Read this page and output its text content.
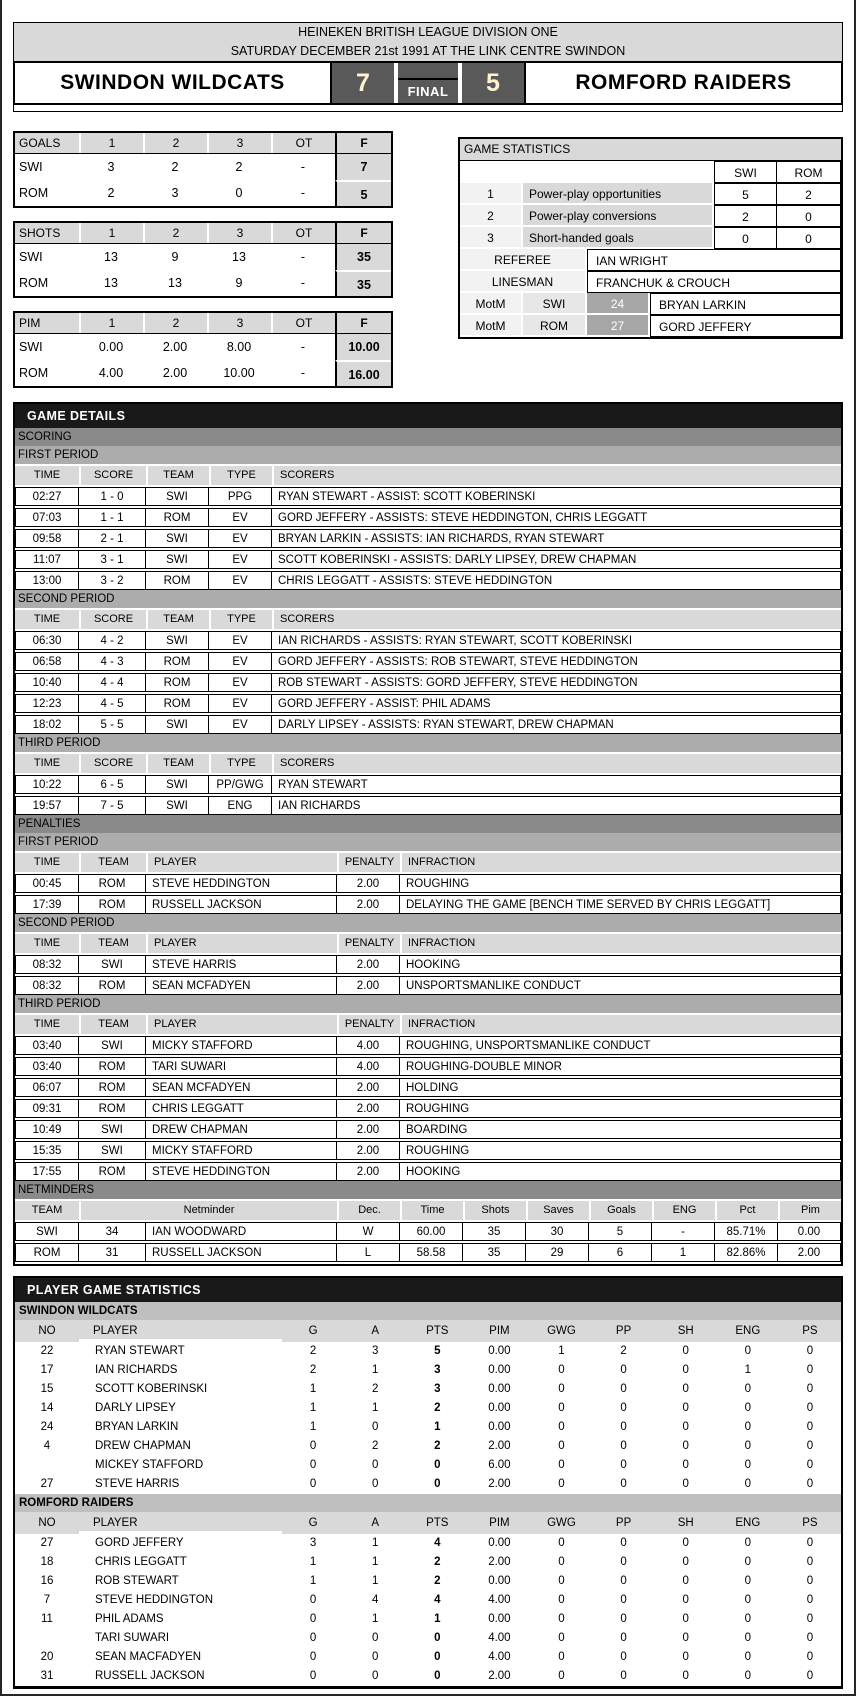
HEINEKEN BRITISH LEAGUE DIVISION ONE
SATURDAY DECEMBER 21st 1991 AT THE LINK CENTRE SWINDON
SWINDON WILDCATS	7	FINAL	5	ROMFORD RAIDERS
GOALS	1	2	3	OT	F
SWI	3	2	2	-	7
ROM	2	3	0	-	5
SHOTS	1	2	3	OT	F
SWI	13	9	13	-	35
ROM	13	13	9	-	35
PIM	1	2	3	OT	F
SWI	0.00	2.00	8.00	-	10.00
ROM	4.00	2.00	10.00	-	16.00
GAME STATISTICS
SWI	ROM
1	Power-play opportunities	5	2
2	Power-play conversions	2	0
3	Short-handed goals	0	0
REFEREE	IAN WRIGHT
LINESMAN	FRANCHUK & CROUCH
MotM	SWI	24	BRYAN LARKIN
MotM	ROM	27	GORD JEFFERY
GAME DETAILS
SCORING
FIRST PERIOD
TIME	SCORE	TEAM	TYPE	SCORERS
02:27	1 - 0	SWI	PPG	RYAN STEWART - ASSIST: SCOTT KOBERINSKI
07:03	1 - 1	ROM	EV	GORD JEFFERY - ASSISTS: STEVE HEDDINGTON, CHRIS LEGGATT
09:58	2 - 1	SWI	EV	BRYAN LARKIN - ASSISTS: IAN RICHARDS, RYAN STEWART
11:07	3 - 1	SWI	EV	SCOTT KOBERINSKI - ASSISTS: DARLY LIPSEY, DREW CHAPMAN
13:00	3 - 2	ROM	EV	CHRIS LEGGATT - ASSISTS: STEVE HEDDINGTON
SECOND PERIOD
TIME	SCORE	TEAM	TYPE	SCORERS
06:30	4 - 2	SWI	EV	IAN RICHARDS - ASSISTS: RYAN STEWART, SCOTT KOBERINSKI
06:58	4 - 3	ROM	EV	GORD JEFFERY - ASSISTS: ROB STEWART, STEVE HEDDINGTON
10:40	4 - 4	ROM	EV	ROB STEWART - ASSISTS: GORD JEFFERY, STEVE HEDDINGTON
12:23	4 - 5	ROM	EV	GORD JEFFERY - ASSIST: PHIL ADAMS
18:02	5 - 5	SWI	EV	DARLY LIPSEY - ASSISTS: RYAN STEWART, DREW CHAPMAN
THIRD PERIOD
TIME	SCORE	TEAM	TYPE	SCORERS
10:22	6 - 5	SWI	PP/GWG	RYAN STEWART
19:57	7 - 5	SWI	ENG	IAN RICHARDS
PENALTIES
FIRST PERIOD
TIME	TEAM	PLAYER	PENALTY	INFRACTION
00:45	ROM	STEVE HEDDINGTON	2.00	ROUGHING
17:39	ROM	RUSSELL JACKSON	2.00	DELAYING THE GAME [BENCH TIME SERVED BY CHRIS LEGGATT]
SECOND PERIOD
TIME	TEAM	PLAYER	PENALTY	INFRACTION
08:32	SWI	STEVE HARRIS	2.00	HOOKING
08:32	ROM	SEAN MCFADYEN	2.00	UNSPORTSMANLIKE CONDUCT
THIRD PERIOD
TIME	TEAM	PLAYER	PENALTY	INFRACTION
03:40	SWI	MICKY STAFFORD	4.00	ROUGHING, UNSPORTSMANLIKE CONDUCT
03:40	ROM	TARI SUWARI	4.00	ROUGHING-DOUBLE MINOR
06:07	ROM	SEAN MCFADYEN	2.00	HOLDING
09:31	ROM	CHRIS LEGGATT	2.00	ROUGHING
10:49	SWI	DREW CHAPMAN	2.00	BOARDING
15:35	SWI	MICKY STAFFORD	2.00	ROUGHING
17:55	ROM	STEVE HEDDINGTON	2.00	HOOKING
NETMINDERS
TEAM	Netminder	Dec.	Time	Shots	Saves	Goals	ENG	Pct	Pim
SWI	34	IAN WOODWARD	W	60.00	35	30	5	-	85.71%	0.00
ROM	31	RUSSELL JACKSON	L	58.58	35	29	6	1	82.86%	2.00
PLAYER GAME STATISTICS
SWINDON WILDCATS
NO	PLAYER	G	A	PTS	PIM	GWG	PP	SH	ENG	PS
22	RYAN STEWART	2	3	5	0.00	1	2	0	0	0
17	IAN RICHARDS	2	1	3	0.00	0	0	0	1	0
15	SCOTT KOBERINSKI	1	2	3	0.00	0	0	0	0	0
14	DARLY LIPSEY	1	1	2	0.00	0	0	0	0	0
24	BRYAN LARKIN	1	0	1	0.00	0	0	0	0	0
4	DREW CHAPMAN	0	2	2	2.00	0	0	0	0	0
MICKEY STAFFORD	0	0	0	6.00	0	0	0	0	0
27	STEVE HARRIS	0	0	0	2.00	0	0	0	0	0
ROMFORD RAIDERS
NO	PLAYER	G	A	PTS	PIM	GWG	PP	SH	ENG	PS
27	GORD JEFFERY	3	1	4	0.00	0	0	0	0	0
18	CHRIS LEGGATT	1	1	2	2.00	0	0	0	0	0
16	ROB STEWART	1	1	2	0.00	0	0	0	0	0
7	STEVE HEDDINGTON	0	4	4	4.00	0	0	0	0	0
11	PHIL ADAMS	0	1	1	0.00	0	0	0	0	0
TARI SUWARI	0	0	0	4.00	0	0	0	0	0
20	SEAN MACFADYEN	0	0	0	4.00	0	0	0	0	0
31	RUSSELL JACKSON	0	0	0	2.00	0	0	0	0	0
